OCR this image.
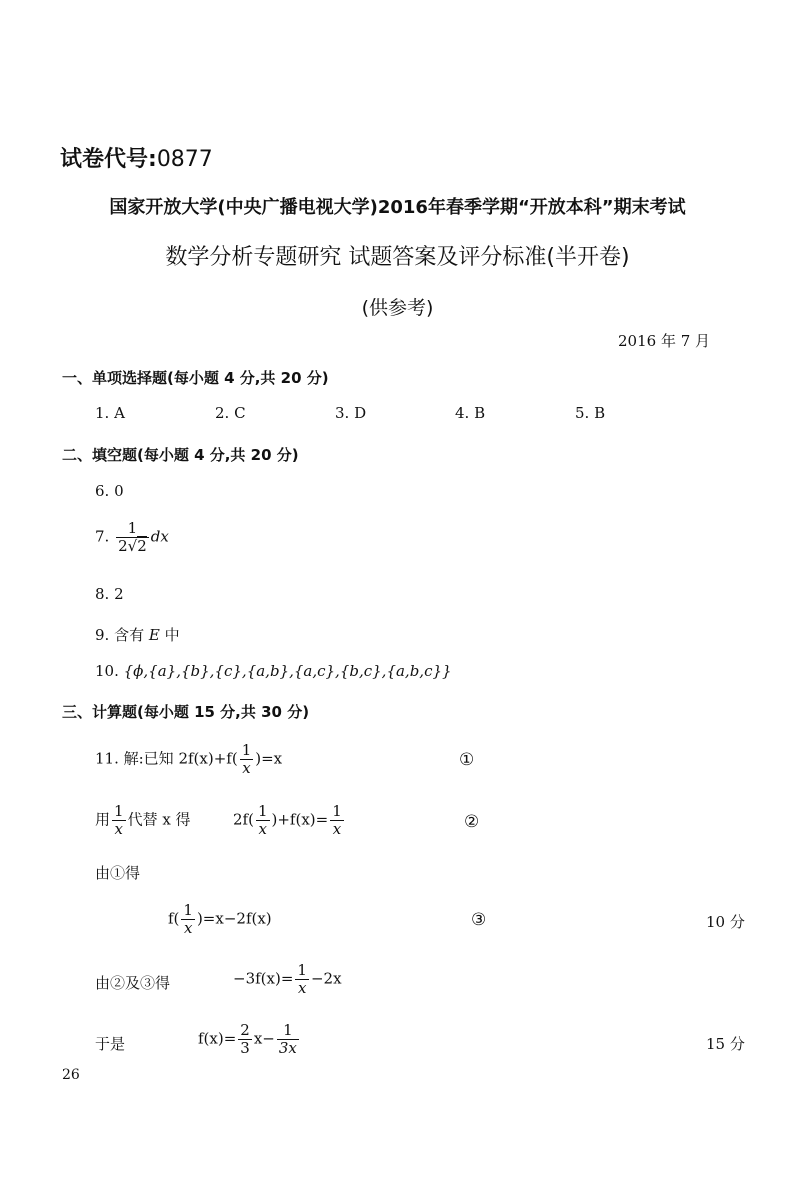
试卷代号:0877
国家开放大学(中央广播电视大学)2016年春季学期“开放本科”期末考试
数学分析专题研究 试题答案及评分标准(半开卷)
(供参考)
2016 年 7 月
一、单项选择题(每小题 4 分,共 20 分)
1. A	2. C	3. D	4. B	5. B
二、填空题(每小题 4 分,共 20 分)
6. 0
7. $\frac{1}{2√2}$ dx
8. 2
9. 含有 E 中
10. {ϕ,{a},{b},{c},{a,b},{a,c},{b,c},{a,b,c}}
三、计算题(每小题 15 分,共 30 分)
11. 解:已知 $2f(x)+f( \frac{1}{x} )=x$	①
用 $\frac{1}{x}$ 代替 x 得	$2f( \frac{1}{x} )+f(x)= \frac{1}{x}$	②
由①得
$f( \frac{1}{x} )=x-2f(x)$	③	10 分
由②及③得	$-3f(x)= \frac{1}{x} -2x$
于是	$f(x)= \frac{2}{3} x- \frac{1}{3x}$	15 分
26
